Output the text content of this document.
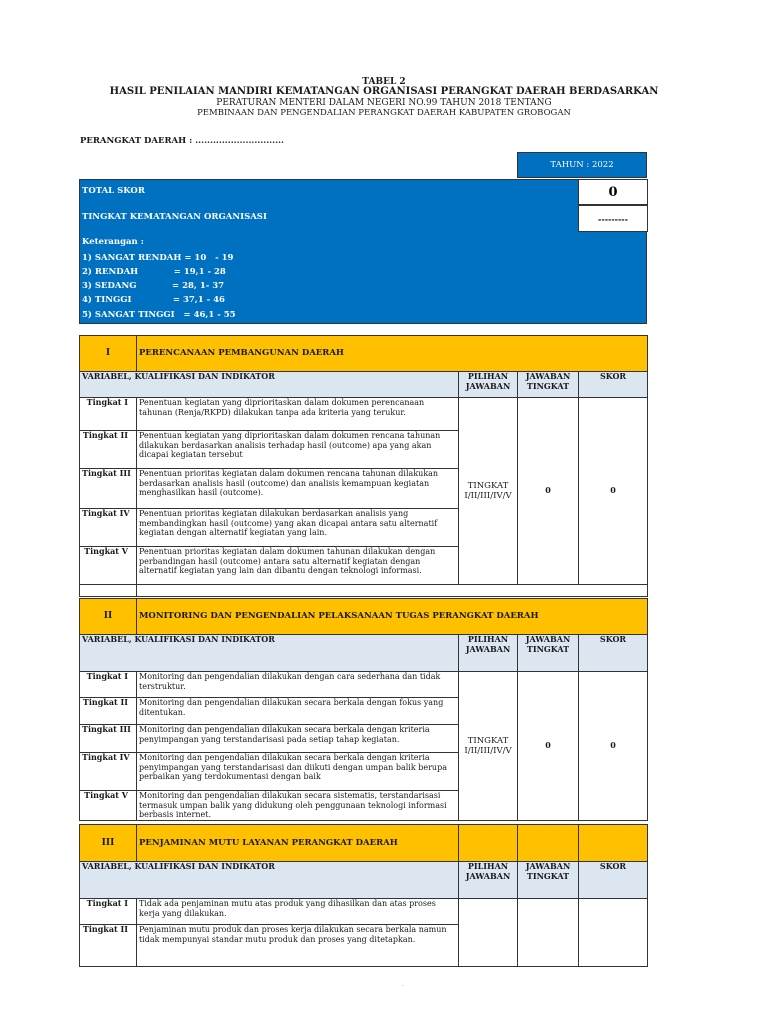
TABEL 2
HASIL PENILAIAN MANDIRI KEMATANGAN ORGANISASI PERANGKAT DAERAH BERDASARKAN
PERATURAN MENTERI DALAM NEGERI NO.99 TAHUN 2018 TENTANG
PEMBINAAN DAN PENGENDALIAN PERANGKAT DAERAH KABUPATEN GROBOGAN
PERANGKAT DAERAH : ..............................
TAHUN : 2022
TOTAL SKOR	0
TINGKAT KEMATANGAN ORGANISASI	---------
Keterangan :
1) SANGAT RENDAH = 10   - 19
2) RENDAH            = 19,1 - 28
3) SEDANG            = 28, 1- 37
4) TINGGI              = 37,1 - 46
5) SANGAT TINGGI   = 46,1 - 55
I	PERENCANAAN PEMBANGUNAN DAERAH			
VARIABEL, KUALIFIKASI DAN INDIKATOR		PILIHAN JAWABAN	JAWABAN TINGKAT	SKOR
Tingkat I	Penentuan kegiatan yang diprioritaskan dalam dokumen perencanaan tahunan (Renja/RKPD) dilakukan tanpa ada kriteria yang terukur.	TINGKAT I/II/III/IV/V	0	0
Tingkat II	Penentuan kegiatan yang diprioritaskan dalam dokumen rencana tahunan dilakukan berdasarkan analisis terhadap hasil (outcome) apa yang akan dicapai kegiatan tersebut			
Tingkat III	Penentuan prioritas kegiatan dalam dokumen rencana tahunan dilakukan berdasarkan analisis hasil (outcome) dan analisis kemampuan kegiatan menghasilkan hasil (outcome).			
Tingkat IV	Penentuan prioritas kegiatan dilakukan berdasarkan analisis yang membandingkan hasil (outcome) yang akan dicapai antara satu alternatif kegiatan dengan alternatif kegiatan yang lain.			
Tingkat V	Penentuan prioritas kegiatan dalam dokumen tahunan dilakukan dengan perbandingan hasil (outcome) antara satu alternatif kegiatan dengan alternatif kegiatan yang lain dan dibantu dengan teknologi informasi.			

II	MONITORING DAN PENGENDALIAN PELAKSANAAN TUGAS PERANGKAT DAERAH			
VARIABEL, KUALIFIKASI DAN INDIKATOR		PILIHAN JAWABAN	JAWABAN TINGKAT	SKOR
Tingkat I	Monitoring dan pengendalian dilakukan dengan cara sederhana dan tidak terstruktur.	TINGKAT I/II/III/IV/V	0	0
Tingkat II	Monitoring dan pengendalian dilakukan secara berkala dengan fokus yang ditentukan.			
Tingkat III	Monitoring dan pengendalian dilakukan secara berkala dengan kriteria penyimpangan yang terstandarisasi pada setiap tahap kegiatan.			
Tingkat IV	Monitoring dan pengendalian dilakukan secara berkala dengan kriteria penyimpangan yang terstandarisasi dan diikuti dengan umpan balik berupa perbaikan yang terdokumentasi dengan baik			
Tingkat V	Monitoring dan pengendalian dilakukan secara sistematis, terstandarisasi termasuk umpan balik yang didukung oleh penggunaan teknologi informasi berbasis internet.			
III	PENJAMINAN MUTU LAYANAN PERANGKAT DAERAH			
VARIABEL, KUALIFIKASI DAN INDIKATOR		PILIHAN JAWABAN	JAWABAN TINGKAT	SKOR
Tingkat I	Tidak ada penjaminan mutu atas produk yang dihasilkan dan atas proses kerja yang dilakukan.			
Tingkat II	Penjaminan mutu produk dan proses kerja dilakukan secara berkala namun tidak mempunyai standar mutu produk dan proses yang ditetapkan.			
·
